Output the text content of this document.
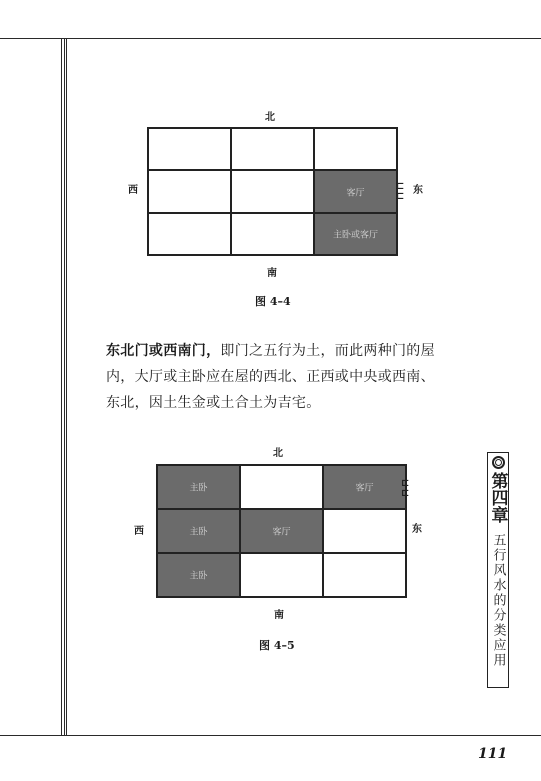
北
西	东
南
客厅
主卧或客厅
⊏
⊏
图 4–4
东北门或西南门，即门之五行为土，而此两种门的屋内，大厅或主卧应在屋的西北、正西或中央或西南、东北，因土生金或土合土为吉宅。
北
西	东
南
主卧	客厅
主卧	客厅
主卧
⊏
⊏
图 4–5
第四章
五行风水的分类应用
111
